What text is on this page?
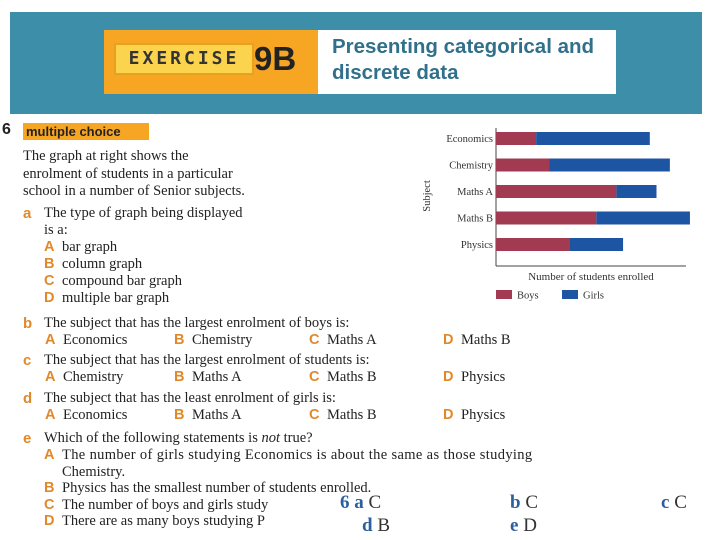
EXERCISE 9B Presenting categorical and
discrete data
6 multiple choice
The graph at right shows the
enrolment of students in a particular
school in a number of Senior subjects.
a The type of graph being displayed
is a:
A bar graph
B column graph
C compound bar graph
D multiple bar graph
b The subject that has the largest enrolment of boys is:
A Economics	B Chemistry	C Maths A	D Maths B
c The subject that has the largest enrolment of students is:
A Chemistry	B Maths A	C Maths B	D Physics
d The subject that has the least enrolment of girls is:
A Economics	B Maths A	C Maths B	D Physics
e Which of the following statements is not true?
A The number of girls studying Economics is about the same as those studying
Chemistry.
B Physics has the smallest number of students enrolled.
C The number of boys and girls study
D There are as many boys studying P
Economics
Chemistry
Maths A
Maths B
Physics
Number of students enrolled
Subject
Boys	Girls
6 a C	b C	c C
d B	e D
